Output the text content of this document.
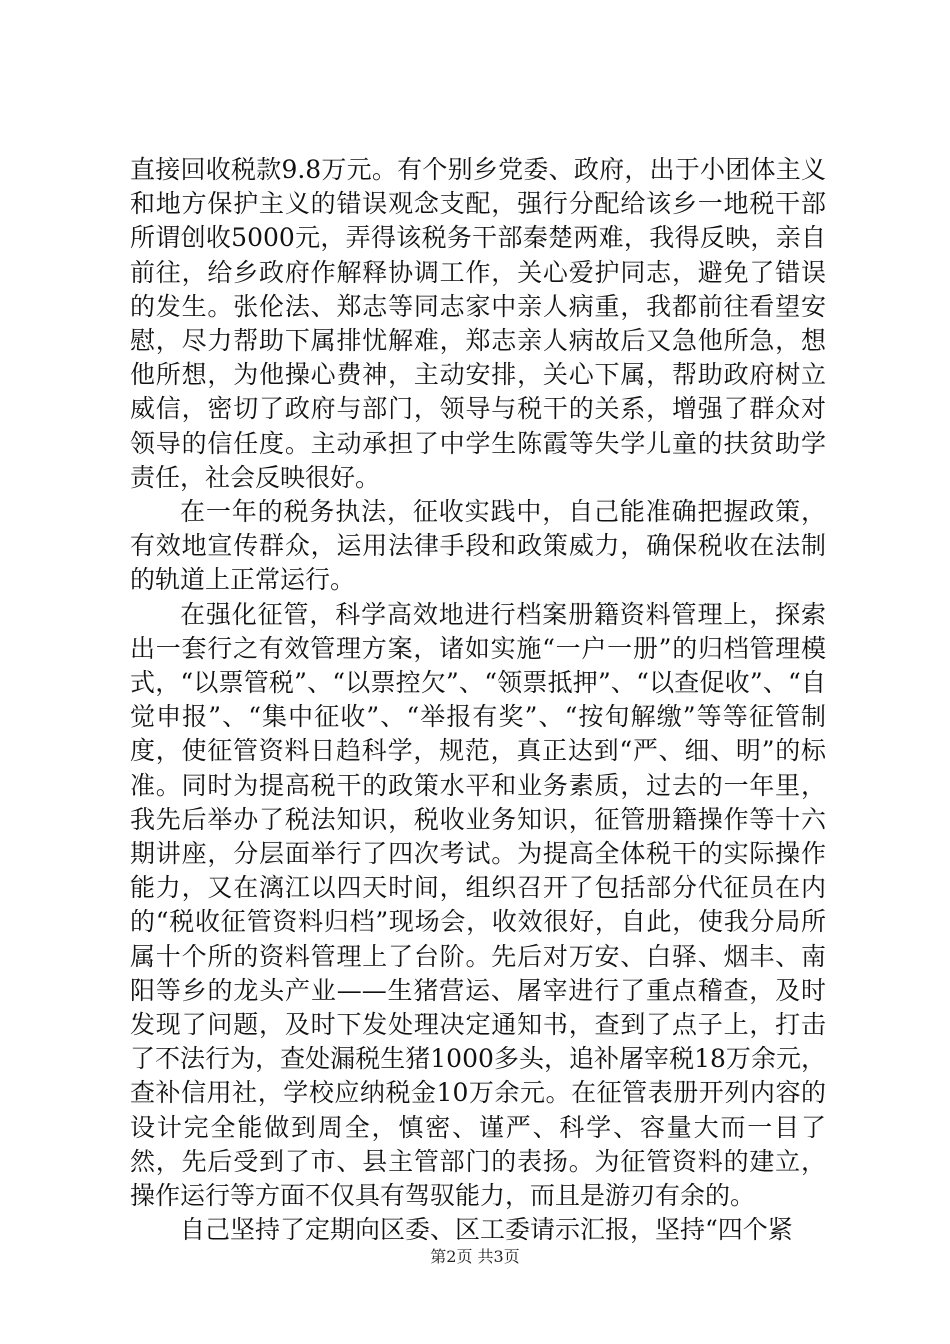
直接回收税款9.8万元。有个别乡党委、政府，出于小团体主义和地方保护主义的错误观念支配，强行分配给该乡一地税干部所谓创收5000元，弄得该税务干部秦楚两难，我得反映，亲自前往，给乡政府作解释协调工作，关心爱护同志，避免了错误的发生。张伦法、郑志等同志家中亲人病重，我都前往看望安慰，尽力帮助下属排忧解难，郑志亲人病故后又急他所急，想他所想，为他操心费神，主动安排，关心下属，帮助政府树立威信，密切了政府与部门，领导与税干的关系，增强了群众对领导的信任度。主动承担了中学生陈霞等失学儿童的扶贫助学责任，社会反映很好。

在一年的税务执法，征收实践中，自己能准确把握政策，有效地宣传群众，运用法律手段和政策威力，确保税收在法制的轨道上正常运行。

在强化征管，科学高效地进行档案册籍资料管理上，探索出一套行之有效管理方案，诸如实施“一户一册”的归档管理模式，“以票管税”、“以票控欠”、“领票抵押”、“以查促收”、“自觉申报”、“集中征收”、“举报有奖”、“按旬解缴”等等征管制度，使征管资料日趋科学，规范，真正达到“严、细、明”的标准。同时为提高税干的政策水平和业务素质，过去的一年里，我先后举办了税法知识，税收业务知识，征管册籍操作等十六期讲座，分层面举行了四次考试。为提高全体税干的实际操作能力，又在漓江以四天时间，组织召开了包括部分代征员在内的“税收征管资料归档”现场会，收效很好，自此，使我分局所属十个所的资料管理上了台阶。先后对万安、白驿、烟丰、南阳等乡的龙头产业——生猪营运、屠宰进行了重点稽查，及时发现了问题，及时下发处理决定通知书，查到了点子上，打击了不法行为，查处漏税生猪1000多头，追补屠宰税18万余元，查补信用社，学校应纳税金10万余元。在征管表册开列内容的设计完全能做到周全，慎密、谨严、科学、容量大而一目了然，先后受到了市、县主管部门的表扬。为征管资料的建立，操作运行等方面不仅具有驾驭能力，而且是游刃有余的。

自己坚持了定期向区委、区工委请示汇报，坚持“四个紧

第2页 共3页
